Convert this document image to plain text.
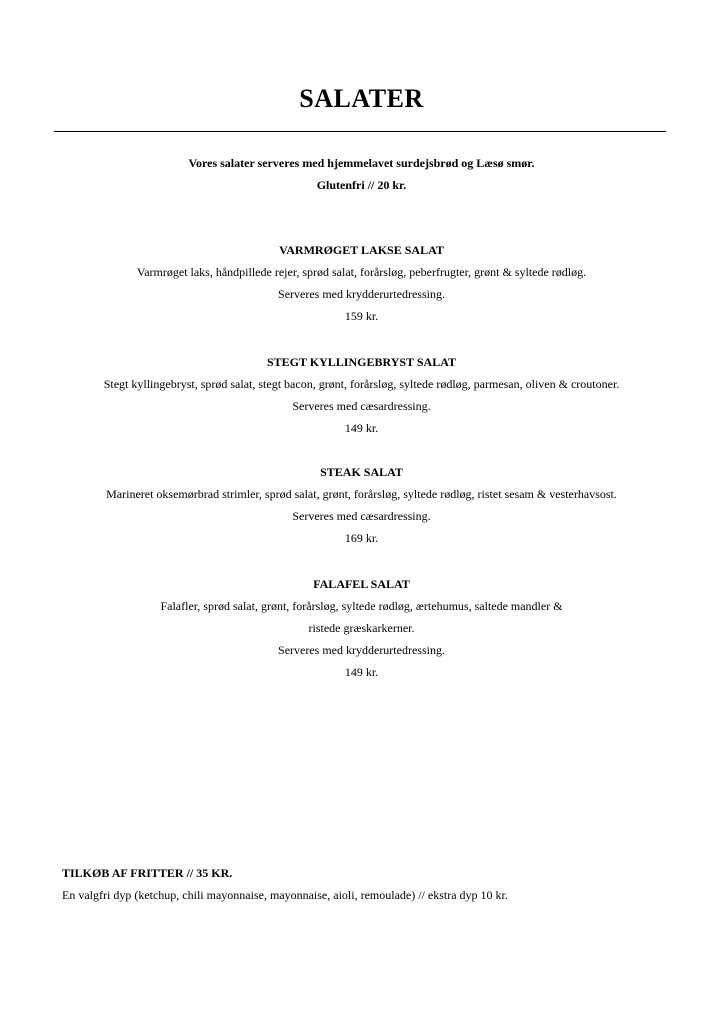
SALATER
Vores salater serveres med hjemmelavet surdejsbrød og Læsø smør.
Glutenfri // 20 kr.
VARMRØGET LAKSE SALAT
Varmrøget laks, håndpillede rejer, sprød salat, forårsløg, peberfrugter, grønt & syltede rødløg.
Serveres med krydderurtedressing.
159 kr.
STEGT KYLLINGEBRYST SALAT
Stegt kyllingebryst, sprød salat, stegt bacon, grønt, forårsløg, syltede rødløg, parmesan, oliven & croutoner.
Serveres med cæsardressing.
149 kr.
STEAK SALAT
Marineret oksemørbrad strimler, sprød salat, grønt, forårsløg, syltede rødløg, ristet sesam & vesterhavsost.
Serveres med cæsardressing.
169 kr.
FALAFEL SALAT
Falafler, sprød salat, grønt, forårsløg, syltede rødløg, ærtehumus, saltede mandler &
ristede græskarkerner.
Serveres med krydderurtedressing.
149 kr.
TILKØB AF FRITTER // 35 KR.
En valgfri dyp (ketchup, chili mayonnaise, mayonnaise, aioli, remoulade) // ekstra dyp 10 kr.
